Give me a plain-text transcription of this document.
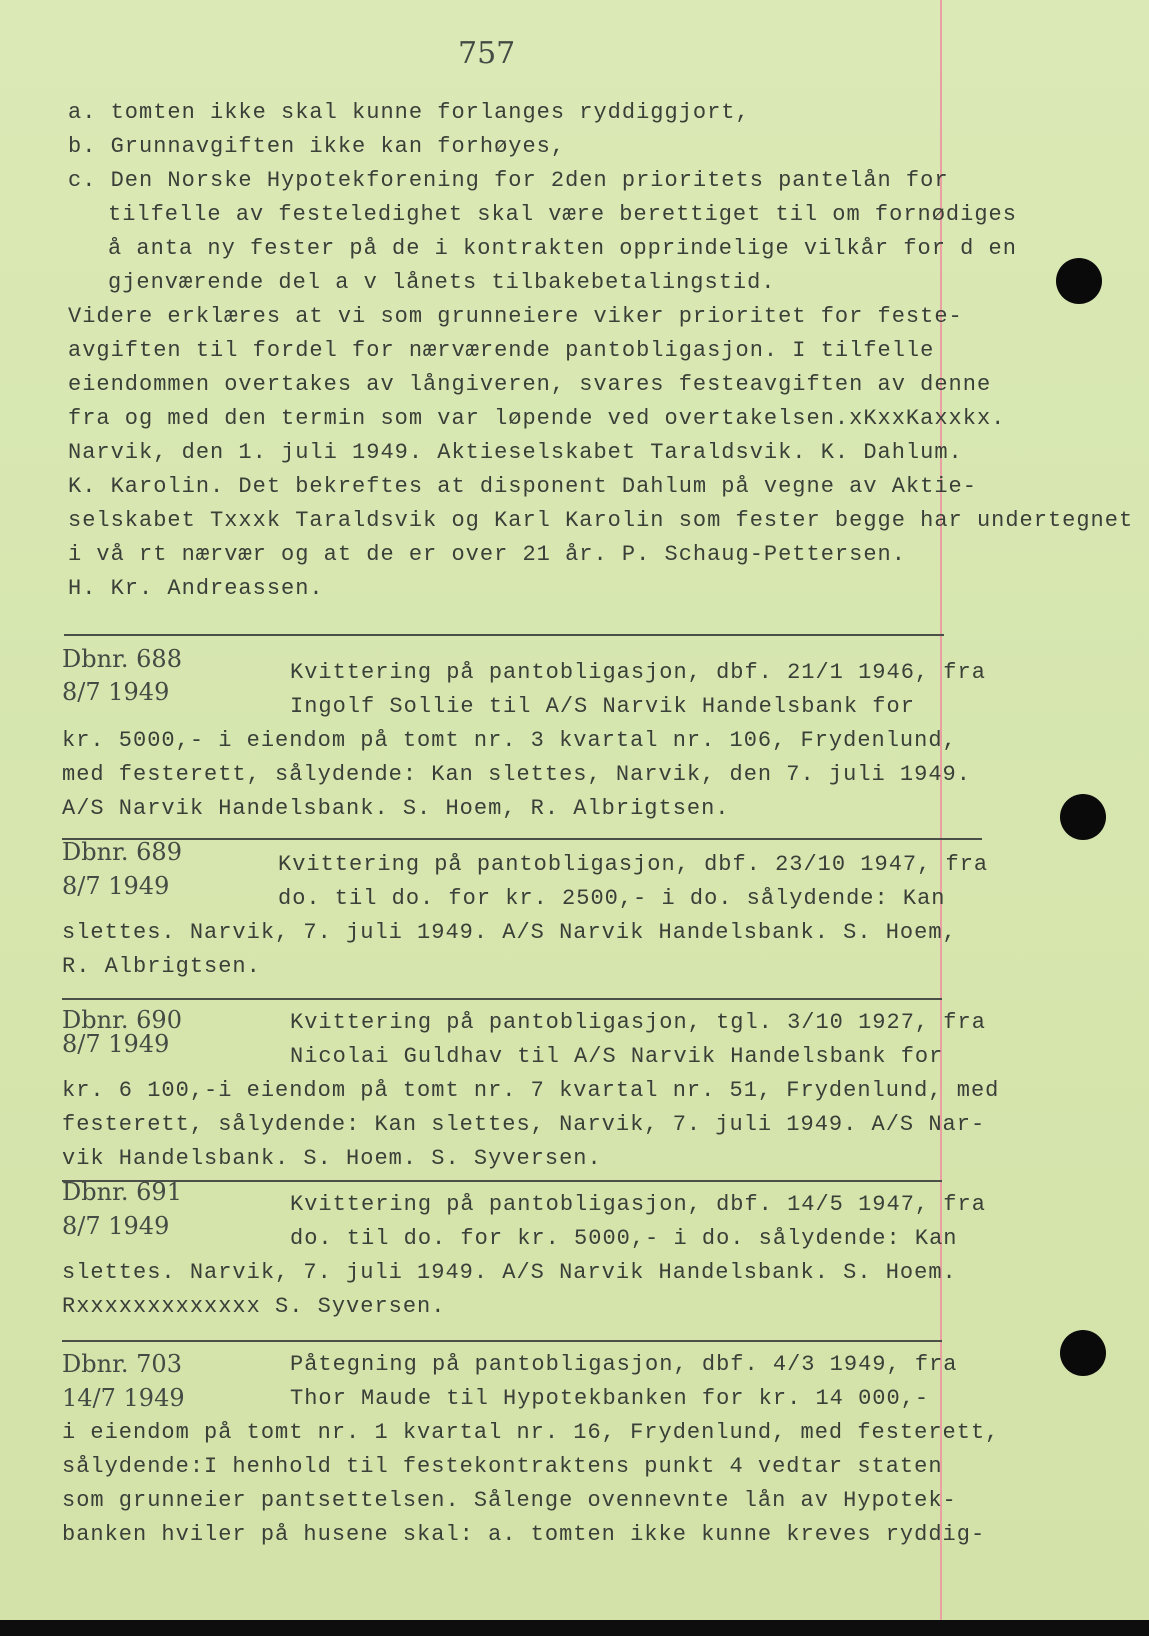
757
a. tomten ikke skal kunne forlanges ryddiggjort,
b. Grunnavgiften ikke kan forhøyes,
c. Den Norske Hypotekforening for 2den prioritets pantelån for
tilfelle av festeledighet skal være berettiget til om fornødiges
å anta ny fester på de i kontrakten opprindelige vilkår for d en
gjenværende del a v lånets tilbakebetalingstid.
Videre erklæres at vi som grunneiere viker prioritet for feste-
avgiften til fordel for nærværende pantobligasjon. I tilfelle
eiendommen overtakes av långiveren, svares festeavgiften av denne
fra og med den termin som var løpende ved overtakelsen.xKxxKaxxkx.
Narvik, den 1. juli 1949. Aktieselskabet Taraldsvik. K. Dahlum.
K. Karolin. Det bekreftes at disponent Dahlum på vegne av Aktie-
selskabet Txxxk Taraldsvik og Karl Karolin som fester begge har undertegnet
i vå rt nærvær og at de er over 21 år. P. Schaug-Pettersen.
H. Kr. Andreassen.
Dbnr. 688
8/7 1949
Kvittering på pantobligasjon, dbf. 21/1 1946, fra
Ingolf Sollie til A/S Narvik Handelsbank for
kr. 5000,- i eiendom på tomt nr. 3 kvartal nr. 106, Frydenlund,
med festerett, sålydende: Kan slettes, Narvik, den 7. juli 1949.
A/S Narvik Handelsbank. S. Hoem, R. Albrigtsen.
Dbnr. 689
8/7 1949
Kvittering på pantobligasjon, dbf. 23/10 1947, fra
do. til do. for kr. 2500,- i do. sålydende: Kan
slettes. Narvik, 7. juli 1949. A/S Narvik Handelsbank. S. Hoem,
R. Albrigtsen.
Dbnr. 690
8/7 1949
Kvittering på pantobligasjon, tgl. 3/10 1927, fra
Nicolai Guldhav til A/S Narvik Handelsbank for
kr. 6 100,-i eiendom på tomt nr. 7 kvartal nr. 51, Frydenlund, med
festerett, sålydende: Kan slettes, Narvik, 7. juli 1949. A/S Nar-
vik Handelsbank. S. Hoem. S. Syversen.
Dbnr. 691
8/7 1949
Kvittering på pantobligasjon, dbf. 14/5 1947, fra
do. til do. for kr. 5000,- i do. sålydende: Kan
slettes. Narvik, 7. juli 1949. A/S Narvik Handelsbank. S. Hoem.
Rxxxxxxxxxxxxx S. Syversen.
Dbnr. 703
14/7 1949
Påtegning på pantobligasjon, dbf. 4/3 1949, fra
Thor Maude til Hypotekbanken for kr. 14 000,-
i eiendom på tomt nr. 1 kvartal nr. 16, Frydenlund, med festerett,
sålydende:I henhold til festekontraktens punkt 4 vedtar staten
som grunneier pantsettelsen. Sålenge ovennevnte lån av Hypotek-
banken hviler på husene skal: a. tomten ikke kunne kreves ryddig-
